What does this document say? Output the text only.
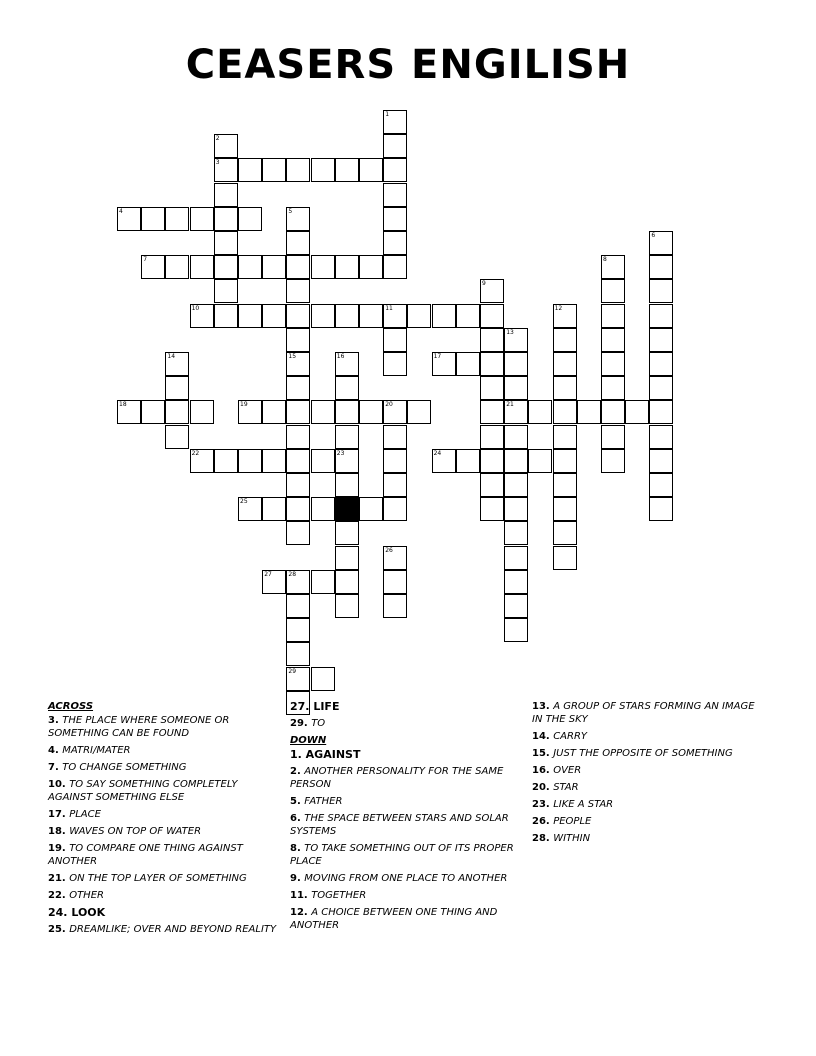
CEASERS ENGILISH
1
2
3
4	5
6
7	8
9
10	11	12
13
21
14	15	16	17
18	19	20
22	23	24
25
26
27	28
29
ACROSS
3. THE PLACE WHERE SOMEONE OR SOMETHING CAN BE FOUND
4. MATRI/MATER
7. TO CHANGE SOMETHING
10. TO SAY SOMETHING COMPLETELY AGAINST SOMETHING ELSE
17. PLACE
18. WAVES ON TOP OF WATER
19. TO COMPARE ONE THING AGAINST ANOTHER
21. ON THE TOP LAYER OF SOMETHING
22. OTHER
24. LOOK
25. DREAMLIKE; OVER AND BEYOND REALITY
27. LIFE
29. TO
DOWN
1. AGAINST
2. ANOTHER PERSONALITY FOR THE SAME PERSON
5. FATHER
6. THE SPACE BETWEEN STARS AND SOLAR SYSTEMS
8. TO TAKE SOMETHING OUT OF ITS PROPER PLACE
9. MOVING FROM ONE PLACE TO ANOTHER
11. TOGETHER
12. A CHOICE BETWEEN ONE THING AND ANOTHER
13. A GROUP OF STARS FORMING AN IMAGE IN THE SKY
14. CARRY
15. JUST THE OPPOSITE OF SOMETHING
16. OVER
20. STAR
23. LIKE A STAR
26. PEOPLE
28. WITHIN
